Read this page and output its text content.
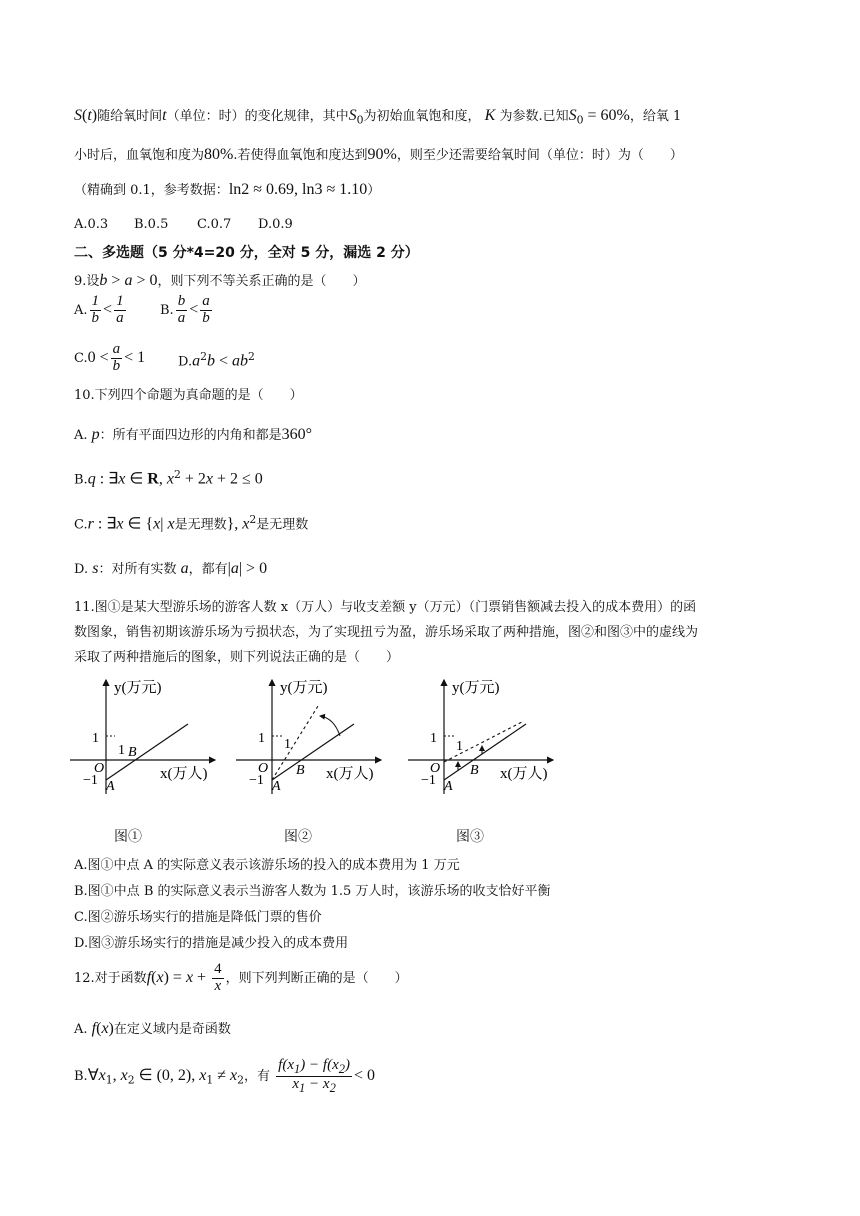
S(t)随给氧时间t（单位：时）的变化规律，其中$S_0$为初始血氧饱和度， K 为参数.已知$S_0 = 60\%$，给氧 1
小时后，血氧饱和度为80%.若使得血氧饱和度达到90%，则至少还需要给氧时间（单位：时）为（　　）
（精确到 0.1，参考数据：ln2 ≈ 0.69, ln3 ≈ 1.10）
A.0.3 B.0.5 C.0.7 D.0.9
二、多选题（5 分*4=20 分，全对 5 分，漏选 2 分）
9.设b > a > 0，则下列不等关系正确的是（　　）
A. $\frac{1}{b} < \frac{1}{a}$	B. $\frac{b}{a} < \frac{a}{b}$
$C.0 < \frac{a}{b} < 1$	$D.a^2b < ab^2$
10.下列四个命题为真命题的是（　　）
A. p：所有平面四边形的内角和都是360°
B.q : ∃x ∈ R, $x^2 + 2x + 2 \le 0$
C.r : ∃x ∈ {x| x是无理数}, $x^2$是无理数
D. s：对所有实数 a，都有|a| > 0
11.图①是某大型游乐场的游客人数 x（万人）与收支差额 y（万元）（门票销售额减去投入的成本费用）的函
数图象，销售初期该游乐场为亏损状态，为了实现扭亏为盈，游乐场采取了两种措施，图②和图③中的虚线为
采取了两种措施后的图象，则下列说法正确的是（　　）
y(万元)
x(万人)
1
1
O
−1 A
B
y(万元)
x(万人)
1 1
O
−1 A
B
y(万元)
x(万人)
1
1
O
−1 A
B
图①	图②	图③
A.图①中点 A 的实际意义表示该游乐场的投入的成本费用为 1 万元
B.图①中点 B 的实际意义表示当游客人数为 1.5 万人时，该游乐场的收支恰好平衡
C.图②游乐场实行的措施是降低门票的售价
D.图③游乐场实行的措施是减少投入的成本费用
12.对于函数$f(x) = x + \frac{4}{x}$ ，则下列判断正确的是（　　）
A. f(x)在定义域内是奇函数
$B.\forall x_1$, $x_2$ ∈ (0, 2), $x_1 \ne x_2$，有 $\frac{f(x_1) - f(x_2)}{x_1 - x_2} < 0$
